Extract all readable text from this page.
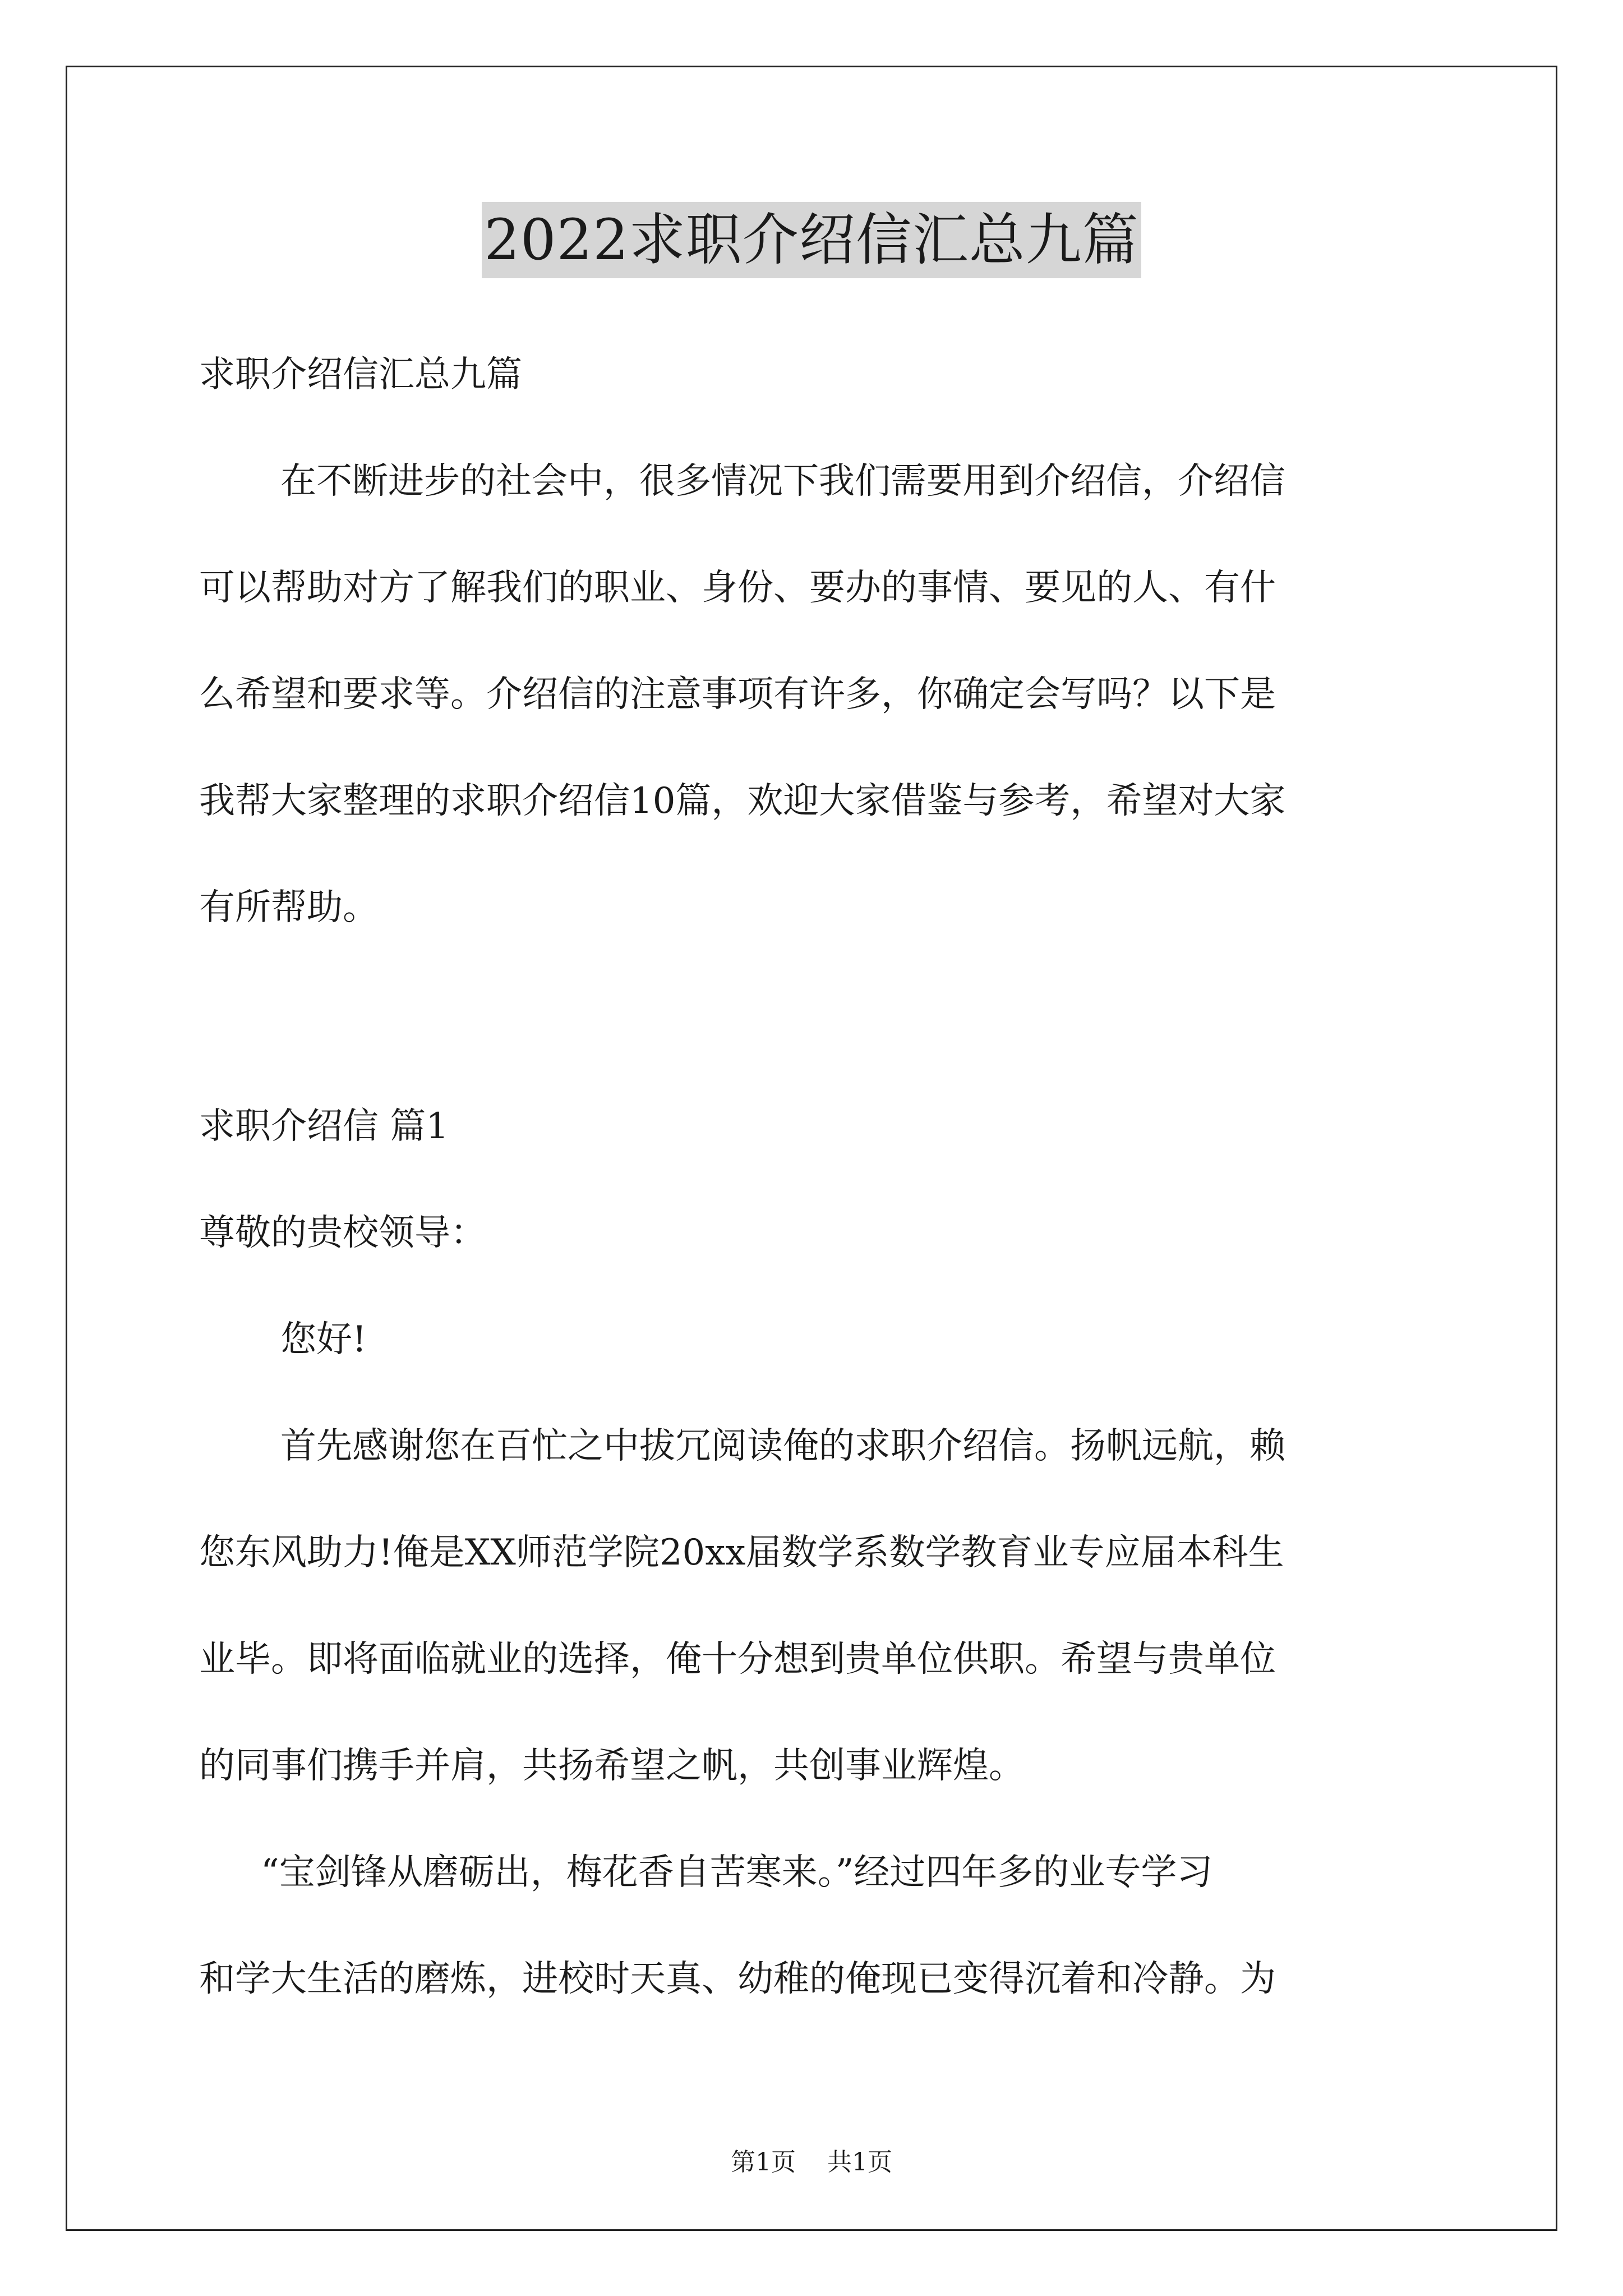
2022求职介绍信汇总九篇

求职介绍信汇总九篇

在不断进步的社会中，很多情况下我们需要用到介绍信，介绍信

可以帮助对方了解我们的职业、身份、要办的事情、要见的人、有什

么希望和要求等。介绍信的注意事项有许多，你确定会写吗？以下是

我帮大家整理的求职介绍信10篇，欢迎大家借鉴与参考，希望对大家

有所帮助。

求职介绍信 篇1

尊敬的贵校领导：

您好!

首先感谢您在百忙之中拔冗阅读俺的求职介绍信。扬帆远航，赖

您东风助力!俺是XX师范学院20xx届数学系数学教育业专应届本科生

业毕。即将面临就业的选择，俺十分想到贵单位供职。希望与贵单位

的同事们携手并肩，共扬希望之帆，共创事业辉煌。

“宝剑锋从磨砺出，梅花香自苦寒来。”经过四年多的业专学习

和学大生活的磨炼，进校时天真、幼稚的俺现已变得沉着和冷静。为

第1页 共1页
